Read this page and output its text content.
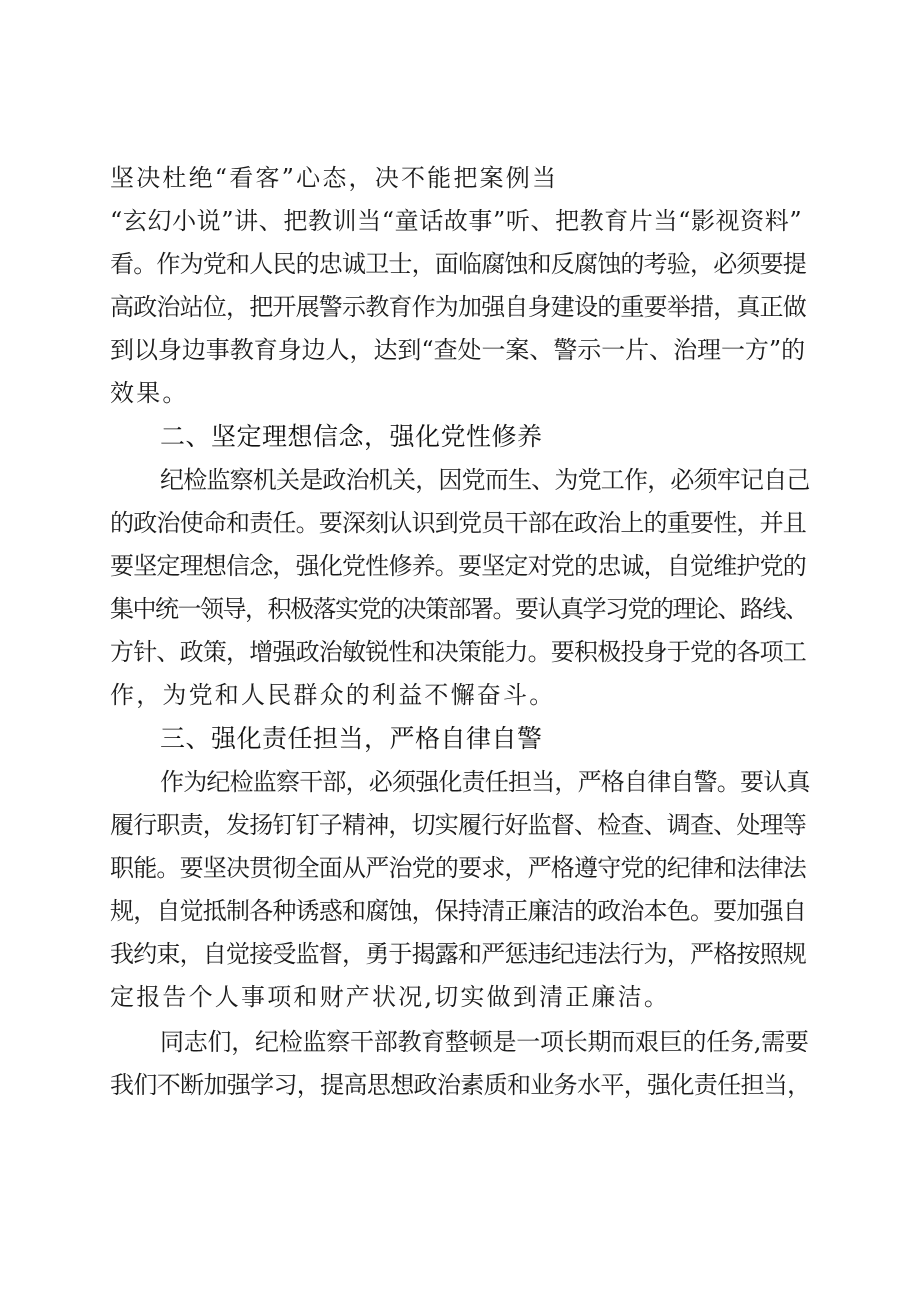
坚决杜绝“看客”心态，决不能把案例当
“玄幻小说”讲、把教训当“童话故事”听、把教育片当“影视资料”
看。作为党和人民的忠诚卫士，面临腐蚀和反腐蚀的考验，必须要提
高政治站位，把开展警示教育作为加强自身建设的重要举措，真正做
到以身边事教育身边人，达到“查处一案、警示一片、治理一方”的
效果。
二、坚定理想信念，强化党性修养
纪检监察机关是政治机关，因党而生、为党工作，必须牢记自己
的政治使命和责任。要深刻认识到党员干部在政治上的重要性，并且
要坚定理想信念，强化党性修养。要坚定对党的忠诚，自觉维护党的
集中统一领导，积极落实党的决策部署。要认真学习党的理论、路线、
方针、政策，增强政治敏锐性和决策能力。要积极投身于党的各项工
作，为党和人民群众的利益不懈奋斗。
三、强化责任担当，严格自律自警
作为纪检监察干部，必须强化责任担当，严格自律自警。要认真
履行职责，发扬钉钉子精神，切实履行好监督、检查、调查、处理等
职能。要坚决贯彻全面从严治党的要求，严格遵守党的纪律和法律法
规，自觉抵制各种诱惑和腐蚀，保持清正廉洁的政治本色。要加强自
我约束，自觉接受监督，勇于揭露和严惩违纪违法行为，严格按照规
定报告个人事项和财产状况,切实做到清正廉洁。
同志们，纪检监察干部教育整顿是一项长期而艰巨的任务,需要
我们不断加强学习，提高思想政治素质和业务水平，强化责任担当，
